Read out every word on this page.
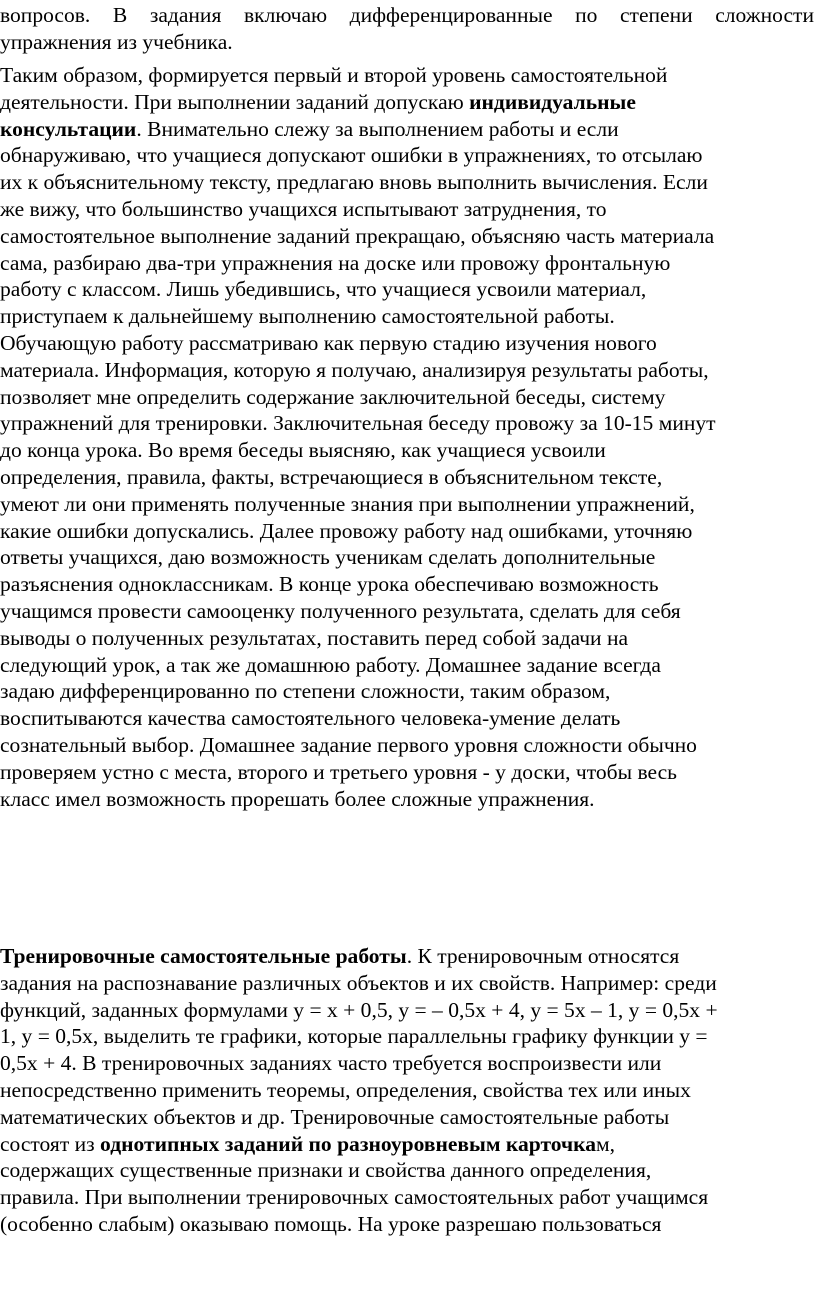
вопросов. В задания включаю дифференцированные по степени сложности
упражнения из учебника.
Таким образом, формируется первый и второй уровень самостоятельной
деятельности. При выполнении заданий допускаю индивидуальные
консультации. Внимательно слежу за выполнением работы и если
обнаруживаю, что учащиеся допускают ошибки в упражнениях, то отсылаю
их к объяснительному тексту, предлагаю вновь выполнить вычисления. Если
же вижу, что большинство учащихся испытывают затруднения, то
самостоятельное выполнение заданий прекращаю, объясняю часть материала
сама, разбираю два-три упражнения на доске или провожу фронтальную
работу с классом. Лишь убедившись, что учащиеся усвоили материал,
приступаем к дальнейшему выполнению самостоятельной работы.
Обучающую работу рассматриваю как первую стадию изучения нового
материала. Информация, которую я получаю, анализируя результаты работы,
позволяет мне определить содержание заключительной беседы, систему
упражнений для тренировки. Заключительная беседу провожу за 10-15 минут
до конца урока. Во время беседы выясняю, как учащиеся усвоили
определения, правила, факты, встречающиеся в объяснительном тексте,
умеют ли они применять полученные знания при выполнении упражнений,
какие ошибки допускались. Далее провожу работу над ошибками, уточняю
ответы учащихся, даю возможность ученикам сделать дополнительные
разъяснения одноклассникам. В конце урока обеспечиваю возможность
учащимся провести самооценку полученного результата, сделать для себя
выводы о полученных результатах, поставить перед собой задачи на
следующий урок, а так же домашнюю работу. Домашнее задание всегда
задаю дифференцированно по степени сложности, таким образом,
воспитываются качества самостоятельного человека-умение делать
сознательный выбор. Домашнее задание первого уровня сложности обычно
проверяем устно с места, второго и третьего уровня - у доски, чтобы весь
класс имел возможность прорешать более сложные упражнения.
Тренировочные самостоятельные работы. К тренировочным относятся
задания на распознавание различных объектов и их свойств. Например: среди
функций, заданных формулами у = х + 0,5, у = – 0,5х + 4, у = 5х – 1, у = 0,5х +
1, у = 0,5х, выделить те графики, которые параллельны графику функции у =
0,5х + 4. В тренировочных заданиях часто требуется воспроизвести или
непосредственно применить теоремы, определения, свойства тех или иных
математических объектов и др. Тренировочные самостоятельные работы
состоят из однотипных заданий по разноуровневым карточкам,
содержащих существенные признаки и свойства данного определения,
правила. При выполнении тренировочных самостоятельных работ учащимся
(особенно слабым) оказываю помощь. На уроке разрешаю пользоваться
